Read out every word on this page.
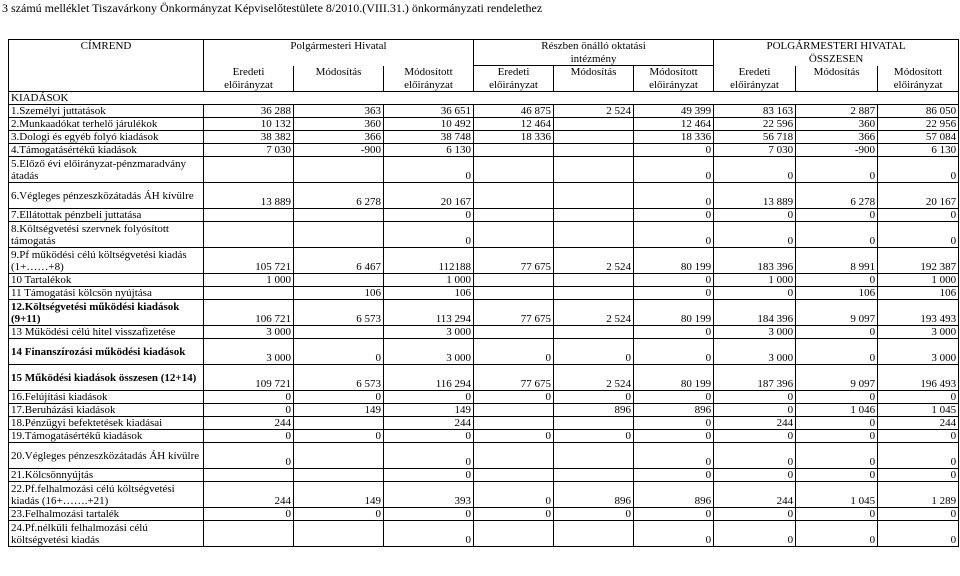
3 számú melléklet Tiszavárkony Önkormányzat Képviselőtestülete 8/2010.(VIII.31.) önkormányzati rendelethez
CÍMREND	Polgármesteri Hivatal			Részben önálló oktatási			POLGÁRMESTERI HIVATAL		
				intézmény			ÖSSZESEN		
	Eredeti	Módosítás	Módosított	Eredeti	Módosítás	Módosított	Eredeti	Módosítás	Módosított
	előirányzat		előirányzat	előirányzat		előirányzat	előirányzat		előirányzat
KIADÁSOK									
1.Személyi juttatások	36 288	363	36 651	46 875	2 524	49 399	83 163	2 887	86 050
2.Munkaadókat terhelő járulékok	10 132	360	10 492	12 464		12 464	22 596	360	22 956
3.Dologi és egyéb folyó kiadások	38 382	366	38 748	18 336		18 336	56 718	366	57 084
4.Támogatásértékű kiadások	7 030	-900	6 130			0	7 030	-900	6 130
5.Előző évi előirányzat-pénzmaradvány átadás			0			0	0	0	0
6.Végleges pénzeszközátadás ÁH kívülre	13 889	6 278	20 167			0	13 889	6 278	20 167
7.Ellátottak pénzbeli juttatása			0			0	0	0	0
8.Költségvetési szervnek folyósított támogatás			0			0	0	0	0
9.Pf működési célú költségvetési kiadás (1+……+8)	105 721	6 467	112188	77 675	2 524	80 199	183 396	8 991	192 387
10 Tartalékok	1 000		1 000			0	1 000	0	1 000
11 Támogatási kölcsön nyújtása		106	106			0	0	106	106
12.Költségvetési működési kiadások (9+11)	106 721	6 573	113 294	77 675	2 524	80 199	184 396	9 097	193 493
13 Működési célú hitel visszafizetése	3 000		3 000			0	3 000	0	3 000
14 Finanszírozási működési kiadások	3 000	0	3 000	0	0	0	3 000	0	3 000
15 Működési kiadások összesen (12+14)	109 721	6 573	116 294	77 675	2 524	80 199	187 396	9 097	196 493
16.Felújítási kiadások	0	0	0	0	0	0	0	0	0
17.Beruházási kiadások	0	149	149		896	896	0	1 046	1 045
18.Pénzügyi befektetések kiadásai	244		244			0	244	0	244
19.Támogatásértékű kiadások	0	0	0	0	0	0	0	0	0
20.Végleges pénzeszközátadás ÁH kívülre	0		0			0	0	0	0
21.Kölcsönnyújtás			0			0	0	0	0
22.Pf.felhalmozási célú költségvetési kiadás (16+…….+21)	244	149	393	0	896	896	244	1 045	1 289
23.Felhalmozási tartalék	0	0	0	0	0	0	0	0	0
24.Pf.nélküli felhalmozási célú költségvetési kiadás			0			0	0	0	0
